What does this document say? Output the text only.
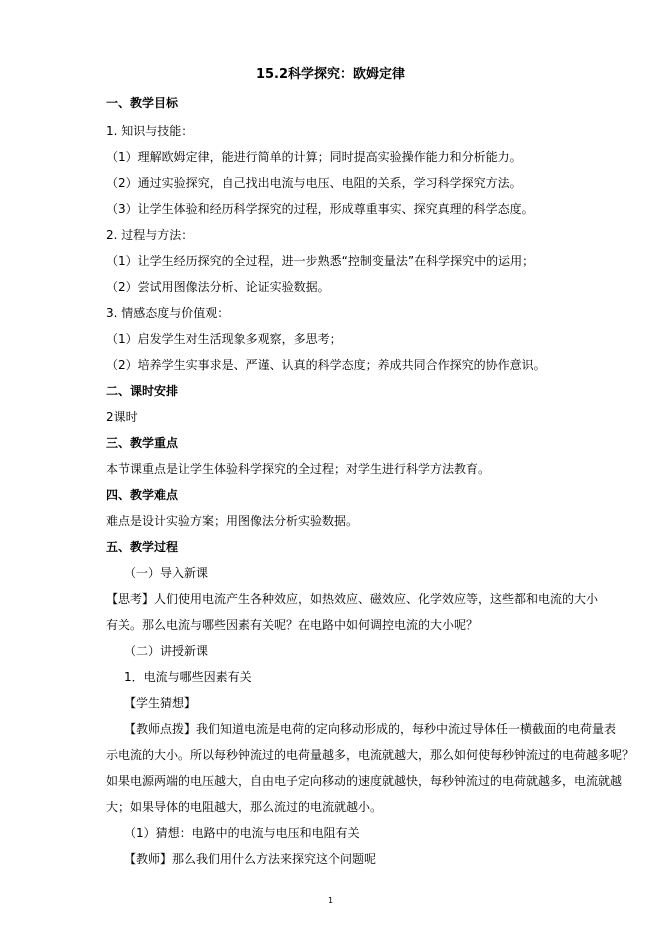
15.2科学探究：欧姆定律
一、教学目标
1. 知识与技能：
（1）理解欧姆定律，能进行简单的计算；同时提高实验操作能力和分析能力。
（2）通过实验探究，自己找出电流与电压、电阻的关系，学习科学探究方法。
（3）让学生体验和经历科学探究的过程，形成尊重事实、探究真理的科学态度。
2. 过程与方法：
（1）让学生经历探究的全过程，进一步熟悉“控制变量法”在科学探究中的运用；
（2）尝试用图像法分析、论证实验数据。
3. 情感态度与价值观：
（1）启发学生对生活现象多观察，多思考；
（2）培养学生实事求是、严谨、认真的科学态度；养成共同合作探究的协作意识。
二、课时安排
2课时
三、教学重点
本节课重点是让学生体验科学探究的全过程；对学生进行科学方法教育。
四、教学难点
难点是设计实验方案；用图像法分析实验数据。
五、教学过程
（一）导入新课
【思考】人们使用电流产生各种效应，如热效应、磁效应、化学效应等，这些都和电流的大小
有关。那么电流与哪些因素有关呢？在电路中如何调控电流的大小呢？
（二）讲授新课
1．电流与哪些因素有关
【学生猜想】
【教师点拨】我们知道电流是电荷的定向移动形成的，每秒中流过导体任一横截面的电荷量表
示电流的大小。所以每秒钟流过的电荷量越多，电流就越大，那么如何使每秒钟流过的电荷越多呢？
如果电源两端的电压越大，自由电子定向移动的速度就越快，每秒钟流过的电荷就越多，电流就越
大；如果导体的电阻越大，那么流过的电流就越小。
（1）猜想：电路中的电流与电压和电阻有关
【教师】那么我们用什么方法来探究这个问题呢
1
